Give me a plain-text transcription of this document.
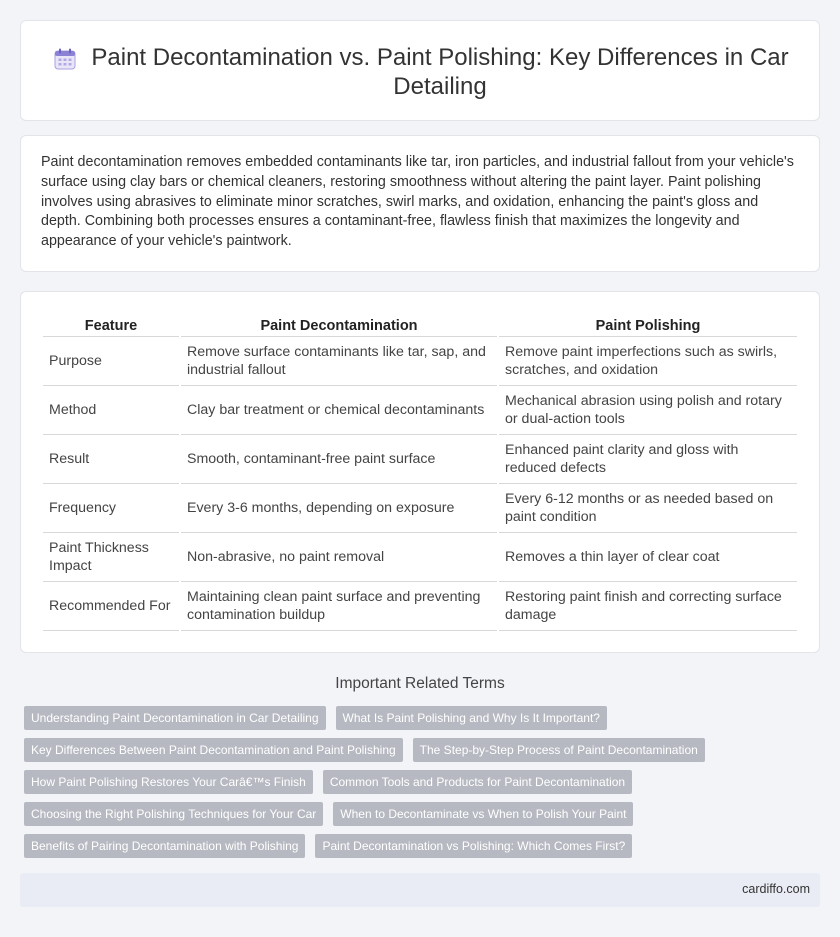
Paint Decontamination vs. Paint Polishing: Key Differences in Car Detailing

Paint decontamination removes embedded contaminants like tar, iron particles, and industrial fallout from your vehicle's surface using clay bars or chemical cleaners, restoring smoothness without altering the paint layer. Paint polishing involves using abrasives to eliminate minor scratches, swirl marks, and oxidation, enhancing the paint's gloss and depth. Combining both processes ensures a contaminant-free, flawless finish that maximizes the longevity and appearance of your vehicle's paintwork.

Feature	Paint Decontamination	Paint Polishing
Purpose	Remove surface contaminants like tar, sap, and industrial fallout	Remove paint imperfections such as swirls, scratches, and oxidation
Method	Clay bar treatment or chemical decontaminants	Mechanical abrasion using polish and rotary or dual-action tools
Result	Smooth, contaminant-free paint surface	Enhanced paint clarity and gloss with reduced defects
Frequency	Every 3-6 months, depending on exposure	Every 6-12 months or as needed based on paint condition
Paint Thickness Impact	Non-abrasive, no paint removal	Removes a thin layer of clear coat
Recommended For	Maintaining clean paint surface and preventing contamination buildup	Restoring paint finish and correcting surface damage
Important Related Terms
Understanding Paint Decontamination in Car Detailing	What Is Paint Polishing and Why Is It Important?
Key Differences Between Paint Decontamination and Paint Polishing	The Step-by-Step Process of Paint Decontamination
How Paint Polishing Restores Your Carâ€™s Finish	Common Tools and Products for Paint Decontamination
Choosing the Right Polishing Techniques for Your Car	When to Decontaminate vs When to Polish Your Paint
Benefits of Pairing Decontamination with Polishing	Paint Decontamination vs Polishing: Which Comes First?
cardiffo.com
